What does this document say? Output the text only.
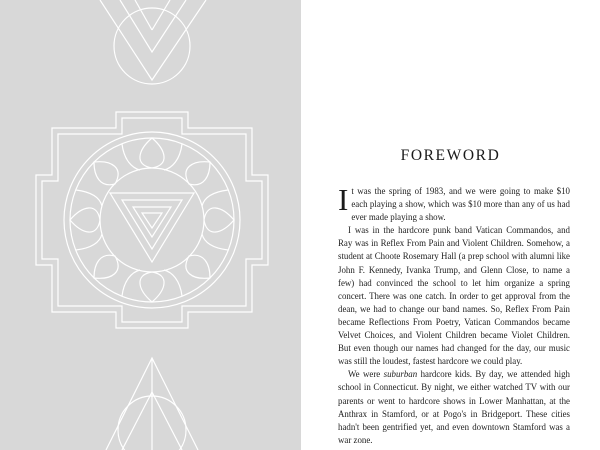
FOREWORD

It was the spring of 1983, and we were going to make $10 each playing a show, which was $10 more than any of us had ever made playing a show.

I was in the hardcore punk band Vatican Commandos, and Ray was in Reflex From Pain and Violent Children. Somehow, a student at Choote Rosemary Hall (a prep school with alumni like John F. Kennedy, Ivanka Trump, and Glenn Close, to name a few) had convinced the school to let him organize a spring concert. There was one catch. In order to get approval from the dean, we had to change our band names. So, Reflex From Pain became Reflections From Poetry, Vatican Commandos became Velvet Choices, and Violent Children became Violet Children. But even though our names had changed for the day, our music was still the loudest, fastest hardcore we could play.

We were suburban hardcore kids. By day, we attended high school in Connecticut. By night, we either watched TV with our parents or went to hardcore shows in Lower Manhattan, at the Anthrax in Stamford, or at Pogo's in Bridgeport. These cities hadn't been gentrified yet, and even downtown Stamford was a war zone.
